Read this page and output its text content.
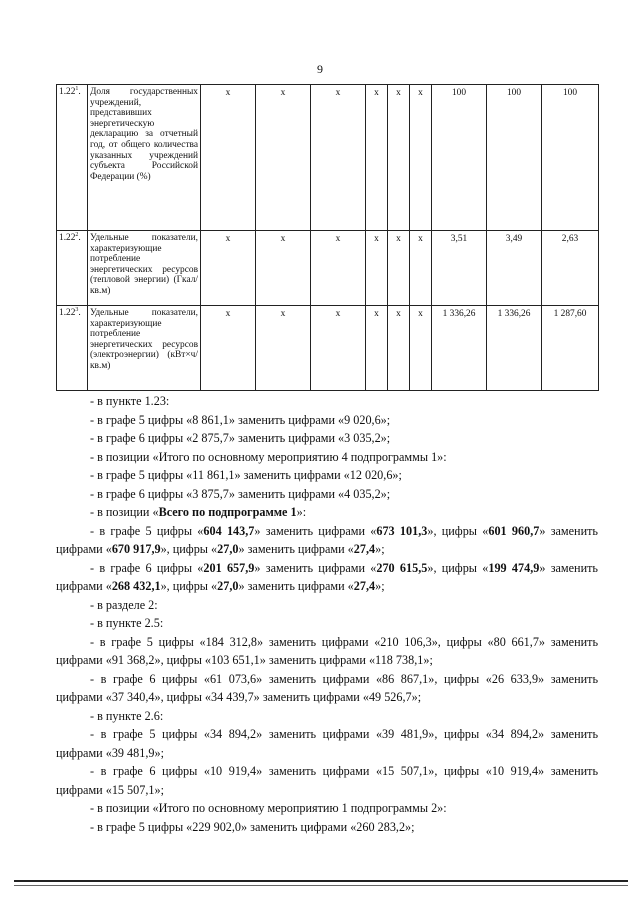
9
1.22$^1$.	Доля государственных учреждений, представивших энергетическую декларацию за отчетный год, от общего количества указанных учреждений субъекта Российской Федерации (%)	х	х	х	х	х	х	100	100	100
1.22$^2$.	Удельные показатели, характеризующие потребление энергетических ресурсов (тепловой энергии) (Гкал/кв.м)	х	х	х	х	х	х	3,51	3,49	2,63
1.22$^3$.	Удельные показатели, характеризующие потребление энергетических ресурсов (электроэнергии) (кВт×ч/кв.м)	х	х	х	х	х	х	1 336,26	1 336,26	1 287,60

- в пункте 1.23:

- в графе 5 цифры «8 861,1» заменить цифрами «9 020,6»;

- в графе 6 цифры «2 875,7» заменить цифрами «3 035,2»;

- в позиции «Итого по основному мероприятию 4 подпрограммы 1»:

- в графе 5 цифры «11 861,1» заменить цифрами «12 020,6»;

- в графе 6 цифры «3 875,7» заменить цифрами «4 035,2»;

- в позиции «Всего по подпрограмме 1»:

- в графе 5 цифры «604 143,7» заменить цифрами «673 101,3», цифры «601 960,7» заменить цифрами «670 917,9», цифры «27,0» заменить цифрами «27,4»;

- в графе 6 цифры «201 657,9» заменить цифрами «270 615,5», цифры «199 474,9» заменить цифрами «268 432,1», цифры «27,0» заменить цифрами «27,4»;

- в разделе 2:

- в пункте 2.5:

- в графе 5 цифры «184 312,8» заменить цифрами «210 106,3», цифры «80 661,7» заменить цифрами «91 368,2», цифры «103 651,1» заменить цифрами «118 738,1»;

- в графе 6 цифры «61 073,6» заменить цифрами «86 867,1», цифры «26 633,9» заменить цифрами «37 340,4», цифры «34 439,7» заменить цифрами «49 526,7»;

- в пункте 2.6:

- в графе 5 цифры «34 894,2» заменить цифрами «39 481,9», цифры «34 894,2» заменить цифрами «39 481,9»;

- в графе 6 цифры «10 919,4» заменить цифрами «15 507,1», цифры «10 919,4» заменить цифрами «15 507,1»;

- в позиции «Итого по основному мероприятию 1 подпрограммы 2»:

- в графе 5 цифры «229 902,0» заменить цифрами «260 283,2»;
